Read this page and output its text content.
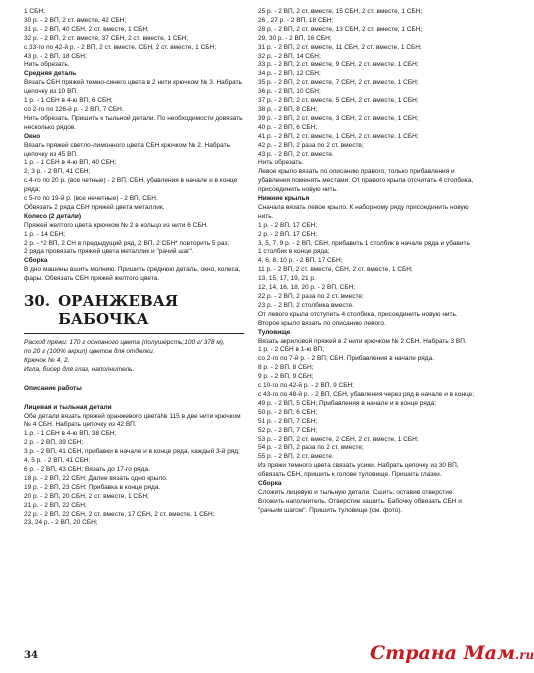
1 СБН;
30 р. - 2 ВП, 2 ст. вместе, 42 СБН;
31 р. - 2 ВП, 40 СБН, 2 ст. вместе, 1 СБН;
32 р. - 2 ВП, 2 ст. вместе, 37 СБН, 2 ст. вместе, 1 СБН;
с 33-го по 42-й р. - 2 ВП, 2 ст. вместе, СБН, 2 ст. вместе, 1 СБН;
43 р. - 2 ВП, 18 СБН;
Нить обрезать.
Средняя деталь
Вязать СБН пряжей темно-синего цвета в 2 нити крючком № 3. Набрать
цепочку из 10 ВП.
1 р. - 1 СБН в 4-ю ВП, 6 СБН;
со 2-го по 126-й р. - 2 ВП, 7 СБН.
Нить обрезать. Пришить к тыльной детали. По необходимости довязать
несколько рядов.
Окно
Вязать пряжей светло-лимонного цвета СБН крючком № 2. Набрать
цепочку из 45 ВП.
1 р. - 1 СБН в 4-ю ВП, 40 СБН;
2, 3 р. - 2 ВП, 41 СБН;
с 4-го по 20 р. (все четные) - 2 ВП, СБН, убавления в начале и в конце
ряда;
с 5-го по 19-й р. (все нечетные) - 2 ВП, СБН.
Обвязать 2 ряда СБН пряжей цвета металлик.
Колесо (2 детали)
Пряжей желтого цвета крючком № 2 в кольцо из нити 6 СБН.
1 р. - 14 СБН;
2 р. - *2 ВП, 2 СН в предыдущий ряд, 2 ВП, 2 СБН* повторить 5 раз;
2 ряда провязать пряжей цвета металлик и "рачий шаг".
Сборка
В дно машины вшить молнию. Пришить среднюю деталь, окно, колеса,
фары. Обвязать СБН пряжей желтого цвета.
30. ОРАНЖЕВАЯ БАБОЧКА
Расход пряжи: 170 г основного цвета (полушерсть;100 г/ 378 м),
по 20 г (100% акрил) цветов для отделки.
Крючок № 4, 2.
Игла, бисер для глаз, наполнитель.
Описание работы
Лицевая и тыльная детали
Обе детали вязать пряжей оранжевого цвета№ 115 в две нити крючком
№ 4 СБН. Набрать цепочку из 42 ВП.
1 р. - 1 СБН в 4-ю ВП, 38 СБН;
2 р. - 2 ВП, 39 СБН;
3 р. - 2 ВП, 41 СБН, прибавки в начале и в конце ряда, каждый 3-й ряд;
4, 5 р. - 2 ВП, 41 СБН;
6 р. - 2 ВП, 43 СБН; Вязать до 17-го ряда.
18 р. - 2 ВП, 22 СБН; Далее вязать одно крыло.
19 р. - 2 ВП, 23 СБН; Прибавка в конце ряда.
20 р. - 2 ВП, 20 СБН, 2 ст. вместе, 1 СБН;
21 р. - 2 ВП, 22 СБН;
22 р. - 2 ВП, 22 СБН, 2 ст. вместе, 17 СБН, 2 ст. вместе, 1 СБН;
23, 24 р. - 2 ВП, 20 СБН;
25 р. - 2 ВП, 2 ст. вместе, 15 СБН, 2 ст. вместе, 1 СБН;
26 , 27 р. - 2 ВП, 18 СБН;
28 р. - 2 ВП, 2 ст. вместе, 13 СБН, 2 ст. вместе, 1 СБН;
29, 30 р. - 2 ВП, 16 СБН;
31 р. - 2 ВП, 2 ст. вместе, 11 СБН, 2 ст. вместе, 1 СБН;
32 р. - 2 ВП, 14 СБН;
33 р. - 2 ВП, 2 ст. вместе, 9 СБН, 2 ст. вместе, 1 СБН;
34 р. - 2 ВП, 12 СБН;
35 р. - 2 ВП, 2 ст. вместе, 7 СБН, 2 ст. вместе, 1 СБН;
36 р. - 2 ВП, 10 СБН;
37 р. - 2 ВП, 2 ст. вместе, 5 СБН, 2 ст. вместе, 1 СБН;
38 р. - 2 ВП, 8 СБН;
39 р. - 2 ВП, 2 ст. вместе, 3 СБН, 2 ст. вместе, 1 СБН;
40 р. - 2 ВП, 6 СБН;
41 р. - 2 ВП, 2 ст. вместе, 1 СБН, 2 ст. вместе, 1 СБН;
42 р. - 2 ВП, 2 раза по 2 ст. вместе;
43 р. - 2 ВП, 2 ст. вместе.
Нить обрезать.
Левое крыло вязать по описанию правого, только прибавления и
убавления поменять местами. От правого крыла отсчитать 4 столбика,
присоединить новую нить.
Нижние крылья
Сначала вязать левое крыло. К наборному ряду присоединить новую
нить.
1 р. - 2 ВП, 17 СБН;
2 р. - 2 ВП, 17 СБН;
3, 5, 7, 9 р. - 2 ВП, СБН, прибавить 1 столбик в начале ряда и убавить
1 столбик в конце ряда;
4, 6, 8, 10 р. - 2 ВП, 17 СБН;
11 р. - 2 ВП, 2 ст. вместе, СБН, 2 ст. вместе, 1 СБН;
13, 15, 17, 19, 21 р.
12, 14, 16, 18, 20 р. - 2 ВП, СБН;
22 р. - 2 ВП, 2 раза по 2 ст. вместе;
23 р. - 2 ВП, 2 столбика вместе.
От левого крыла отступить 4 столбика, присоединить новую нить.
Второе крыло вязать по описанию левого.
Туловище
Вязать акриловой пряжей в 2 нити крючком № 2 СБН. Набрать 3 ВП.
1 р. - 2 СБН в 1-ю ВП;
со 2-го по 7-й р. - 2 ВП, СБН. Прибавления в начале ряда.
8 р. - 2 ВП, 8 СБН;
9 р. - 2 ВП, 9 СБН;
с 10-го по 42-й р. - 2 ВП, 9 СБН;
с 43-го по 48-й р. - 2 ВП, СБН, убавления через ряд в начале и в конце;
49 р. - 2 ВП, 5 СБН; Прибавления в начале и в конце ряда;
50 р. - 2 ВП, 6 СБН;
51 р. - 2 ВП, 7 СБН;
52 р. - 2 ВП, 7 СБН;
53 р. - 2 ВП, 2 ст. вместе, 2 СБН, 2 ст. вместе, 1 СБН;
54 р. - 2 ВП, 2 раза по 2 ст. вместе;
55 р. - 2 ВП, 2 ст. вместе.
Из пряжи темного цвета связать усики. Набрать цепочку из 30 ВП,
обвязать СБН, пришить к голове туловище. Пришить глазки.
Сборка
Сложить лицевую и тыльную детали. Сшить, оставив отверстие.
Вложить наполнитель. Отверстие зашить. Бабочку обвязать СБН и
"рачьим шагом". Пришить туловище (см. фото).
34	Страна Мам.ru
